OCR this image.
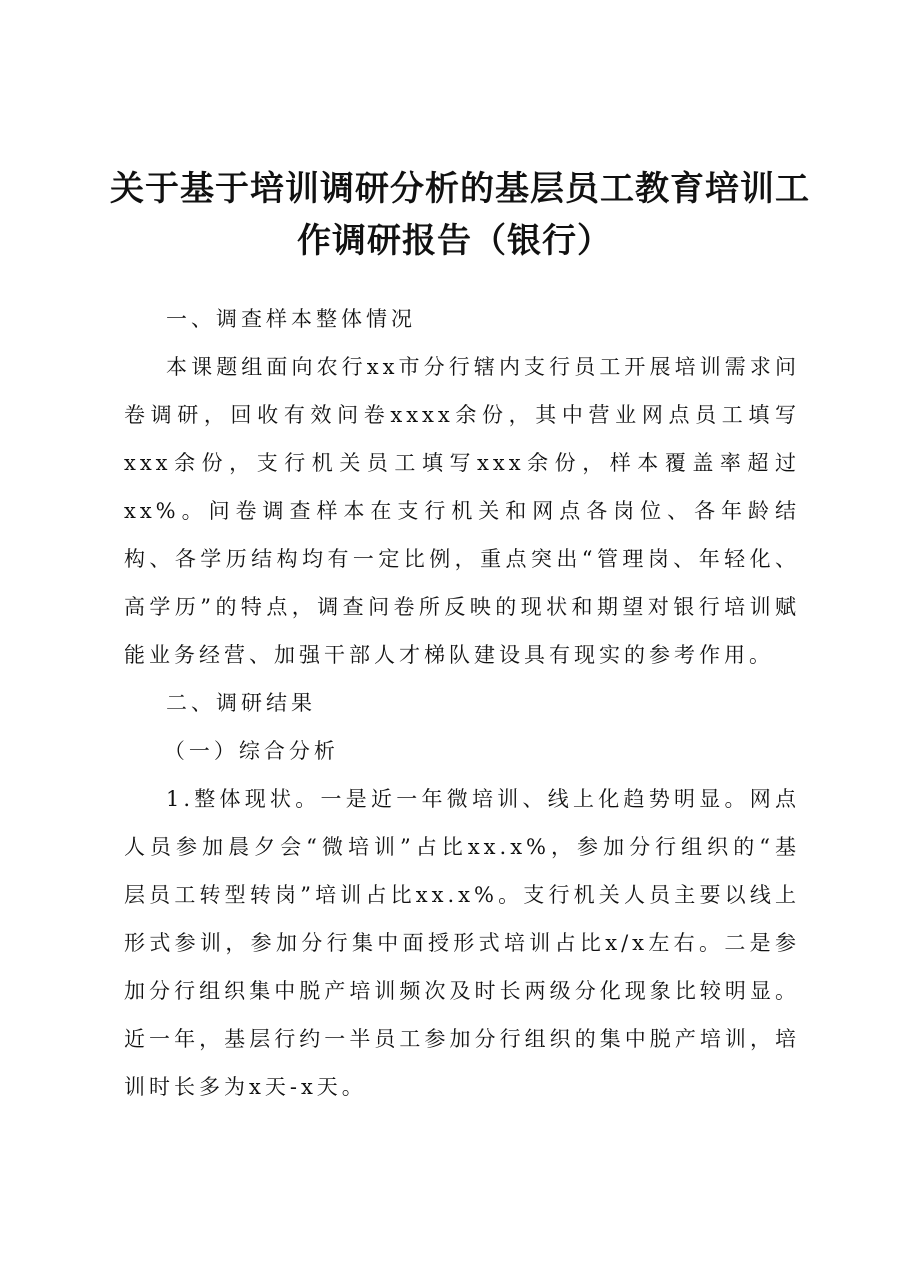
关于基于培训调研分析的基层员工教育培训工
作调研报告（银行）

一、调查样本整体情况

本课题组面向农行xx市分行辖内支行员工开展培训需求问卷调研，回收有效问卷xxxx余份，其中营业网点员工填写xxx余份，支行机关员工填写xxx余份，样本覆盖率超过xx%。问卷调查样本在支行机关和网点各岗位、各年龄结构、各学历结构均有一定比例，重点突出“管理岗、年轻化、高学历”的特点，调查问卷所反映的现状和期望对银行培训赋能业务经营、加强干部人才梯队建设具有现实的参考作用。

二、调研结果

（一）综合分析

1.整体现状。一是近一年微培训、线上化趋势明显。网点人员参加晨夕会“微培训”占比xx.x%，参加分行组织的“基层员工转型转岗”培训占比xx.x%。支行机关人员主要以线上形式参训，参加分行集中面授形式培训占比x/x左右。二是参加分行组织集中脱产培训频次及时长两级分化现象比较明显。近一年，基层行约一半员工参加分行组织的集中脱产培训，培训时长多为x天-x天。
